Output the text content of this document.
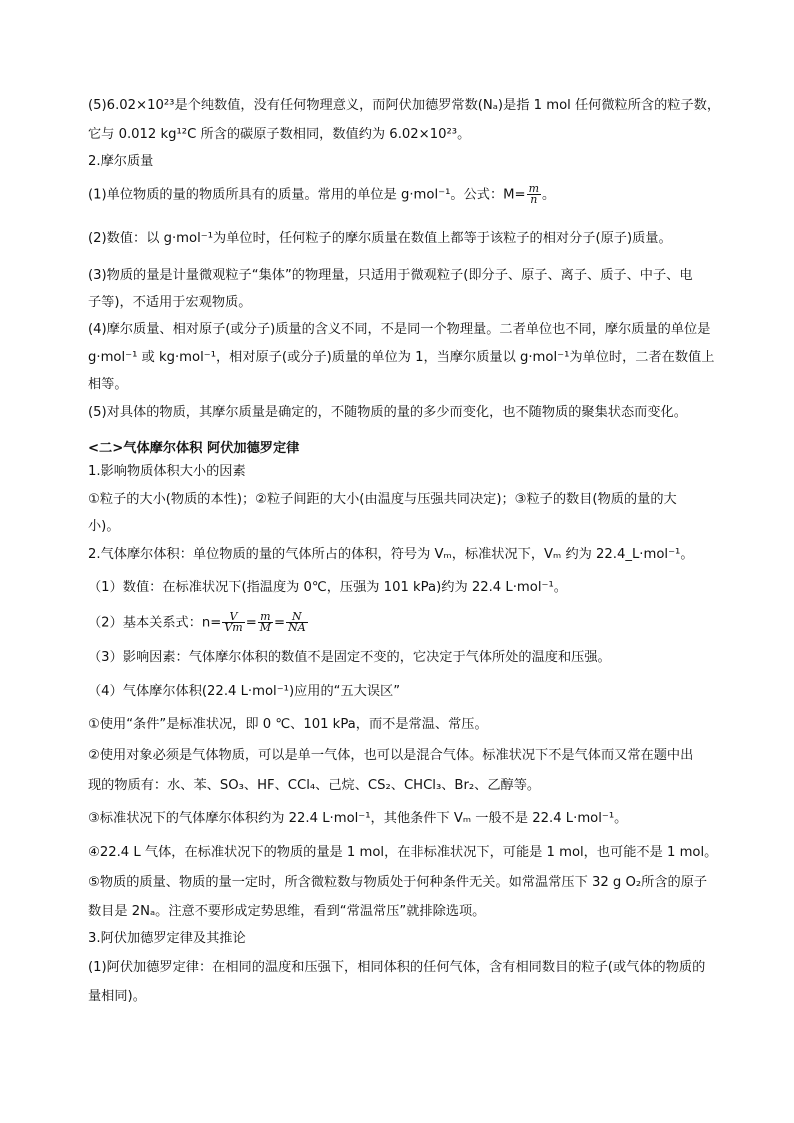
(5)6.02×10²³是个纯数值，没有任何物理意义，而阿伏加德罗常数(Nₐ)是指 1 mol 任何微粒所含的粒子数，
它与 0.012 kg¹²C 所含的碳原子数相同，数值约为 6.02×10²³。
2.摩尔质量
(1)单位物质的量的物质所具有的质量。常用的单位是 g·mol⁻¹。公式：$M= \frac{m}{n}$ 。
(2)数值：以 g·mol⁻¹为单位时，任何粒子的摩尔质量在数值上都等于该粒子的相对分子(原子)质量。
(3)物质的量是计量微观粒子“集体”的物理量，只适用于微观粒子(即分子、原子、离子、质子、中子、电
子等)，不适用于宏观物质。
(4)摩尔质量、相对原子(或分子)质量的含义不同，不是同一个物理量。二者单位也不同，摩尔质量的单位是
g·mol⁻¹ 或 kg·mol⁻¹，相对原子(或分子)质量的单位为 1，当摩尔质量以 g·mol⁻¹为单位时，二者在数值上
相等。
(5)对具体的物质，其摩尔质量是确定的，不随物质的量的多少而变化，也不随物质的聚集状态而变化。
<二>气体摩尔体积 阿伏加德罗定律
1.影响物质体积大小的因素
①粒子的大小(物质的本性)；②粒子间距的大小(由温度与压强共同决定)；③粒子的数目(物质的量的大
小)。
2.气体摩尔体积：单位物质的量的气体所占的体积，符号为 Vₘ，标准状况下，Vₘ 约为 22.4_L·mol⁻¹。
（1）数值：在标准状况下(指温度为 0℃，压强为 101 kPa)约为 22.4 L·mol⁻¹。
（2）基本关系式：$n= \frac{V}{Vm} = \frac{m}{M} = \frac{N}{NA}$
（3）影响因素：气体摩尔体积的数值不是固定不变的，它决定于气体所处的温度和压强。
（4）气体摩尔体积(22.4 L·mol⁻¹)应用的“五大误区”
①使用“条件”是标准状况，即 0 ℃、101 kPa，而不是常温、常压。
②使用对象必须是气体物质，可以是单一气体，也可以是混合气体。标准状况下不是气体而又常在题中出
现的物质有：水、苯、SO₃、HF、CCl₄、己烷、CS₂、CHCl₃、Br₂、乙醇等。
③标准状况下的气体摩尔体积约为 22.4 L·mol⁻¹，其他条件下 Vₘ 一般不是 22.4 L·mol⁻¹。
④22.4 L 气体，在标准状况下的物质的量是 1 mol，在非标准状况下，可能是 1 mol，也可能不是 1 mol。
⑤物质的质量、物质的量一定时，所含微粒数与物质处于何种条件无关。如常温常压下 32 g O₂所含的原子
数目是 2Nₐ。注意不要形成定势思维，看到“常温常压”就排除选项。
3.阿伏加德罗定律及其推论
(1)阿伏加德罗定律：在相同的温度和压强下，相同体积的任何气体，含有相同数目的粒子(或气体的物质的
量相同)。
